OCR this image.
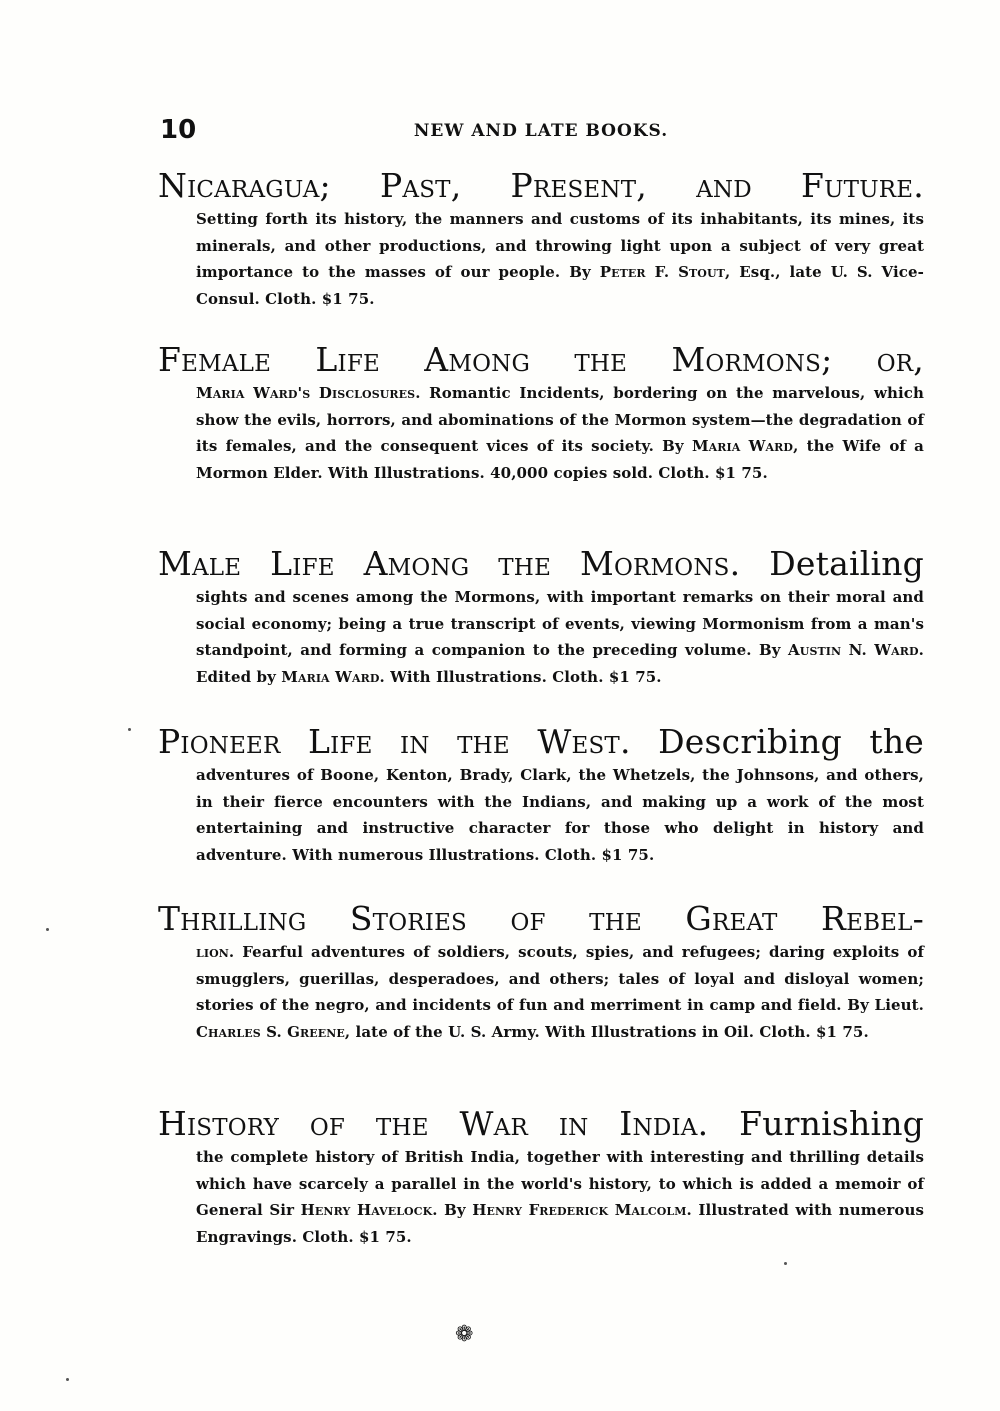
10	NEW AND LATE BOOKS.
Nicaragua; Past, Present, and Future.
Setting forth its history, the manners and customs of its inhabitants, its mines, its minerals, and other productions, and throwing light upon a subject of very great importance to the masses of our people. By Peter F. Stout, Esq., late U. S. Vice-Consul. Cloth. $1 75.
Female Life Among the Mormons; or,
Maria Ward's Disclosures. Romantic Incidents, bordering on the marvelous, which show the evils, horrors, and abominations of the Mormon system—the degradation of its females, and the consequent vices of its society. By Maria Ward, the Wife of a Mormon Elder. With Illustrations. 40,000 copies sold. Cloth. $1 75.
Male Life Among the Mormons. Detailing
sights and scenes among the Mormons, with important remarks on their moral and social economy; being a true transcript of events, viewing Mormonism from a man's standpoint, and forming a companion to the preceding volume. By Austin N. Ward. Edited by Maria Ward. With Illustrations. Cloth. $1 75.
Pioneer Life in the West. Describing the
adventures of Boone, Kenton, Brady, Clark, the Whetzels, the Johnsons, and others, in their fierce encounters with the Indians, and making up a work of the most entertaining and instructive character for those who delight in history and adventure. With numerous Illustrations. Cloth. $1 75.
Thrilling Stories of the Great Rebel-
lion. Fearful adventures of soldiers, scouts, spies, and refugees; daring exploits of smugglers, guerillas, desperadoes, and others; tales of loyal and disloyal women; stories of the negro, and incidents of fun and merriment in camp and field. By Lieut. Charles S. Greene, late of the U. S. Army. With Illustrations in Oil. Cloth. $1 75.
History of the War in India. Furnishing
the complete history of British India, together with interesting and thrilling details which have scarcely a parallel in the world's history, to which is added a memoir of General Sir Henry Havelock. By Henry Frederick Malcolm. Illustrated with numerous Engravings. Cloth. $1 75.
❁
